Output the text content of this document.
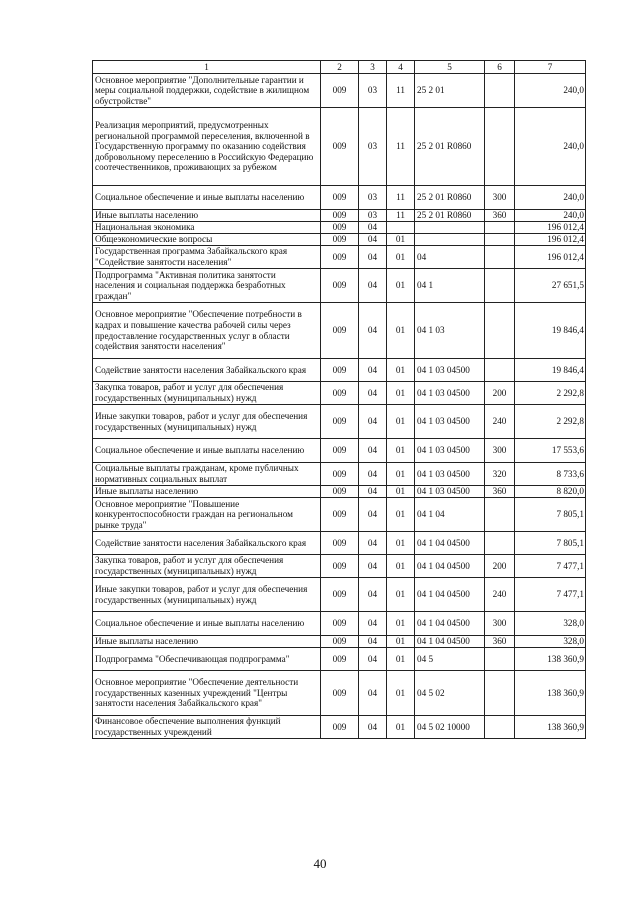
1	2	3	4	5	6	7
Основное мероприятие "Дополнительные гарантии и меры социальной поддержки, содействие в жилищном обустройстве"	009	03	11	25 2 01		240,0
Реализация мероприятий, предусмотренных региональной программой переселения, включенной в Государственную программу по оказанию содействия добровольному переселению в Российскую Федерацию соотечественников, проживающих за рубежом	009	03	11	25 2 01 R0860		240,0
Социальное обеспечение и иные выплаты населению	009	03	11	25 2 01 R0860	300	240,0
Иные выплаты населению	009	03	11	25 2 01 R0860	360	240,0
Национальная экономика	009	04				196 012,4
Общеэкономические вопросы	009	04	01			196 012,4
Государственная программа Забайкальского края "Содействие занятости населения"	009	04	01	04		196 012,4
Подпрограмма "Активная политика занятости населения и социальная поддержка безработных граждан"	009	04	01	04 1		27 651,5
Основное мероприятие "Обеспечение потребности в кадрах и повышение качества рабочей силы через предоставление государственных услуг в области содействия занятости населения"	009	04	01	04 1 03		19 846,4
Содействие занятости населения Забайкальского края	009	04	01	04 1 03 04500		19 846,4
Закупка товаров, работ и услуг для обеспечения государственных (муниципальных) нужд	009	04	01	04 1 03 04500	200	2 292,8
Иные закупки товаров, работ и услуг для обеспечения государственных (муниципальных) нужд	009	04	01	04 1 03 04500	240	2 292,8
Социальное обеспечение и иные выплаты населению	009	04	01	04 1 03 04500	300	17 553,6
Социальные выплаты гражданам, кроме публичных нормативных социальных выплат	009	04	01	04 1 03 04500	320	8 733,6
Иные выплаты населению	009	04	01	04 1 03 04500	360	8 820,0
Основное мероприятие "Повышение конкурентоспособности граждан на региональном рынке труда"	009	04	01	04 1 04		7 805,1
Содействие занятости населения Забайкальского края	009	04	01	04 1 04 04500		7 805,1
Закупка товаров, работ и услуг для обеспечения государственных (муниципальных) нужд	009	04	01	04 1 04 04500	200	7 477,1
Иные закупки товаров, работ и услуг для обеспечения государственных (муниципальных) нужд	009	04	01	04 1 04 04500	240	7 477,1
Социальное обеспечение и иные выплаты населению	009	04	01	04 1 04 04500	300	328,0
Иные выплаты населению	009	04	01	04 1 04 04500	360	328,0
Подпрограмма "Обеспечивающая подпрограмма"	009	04	01	04 5		138 360,9
Основное мероприятие "Обеспечение деятельности государственных казенных учреждений "Центры занятости населения Забайкальского края"	009	04	01	04 5 02		138 360,9
Финансовое обеспечение выполнения функций государственных учреждений	009	04	01	04 5 02 10000		138 360,9
40
